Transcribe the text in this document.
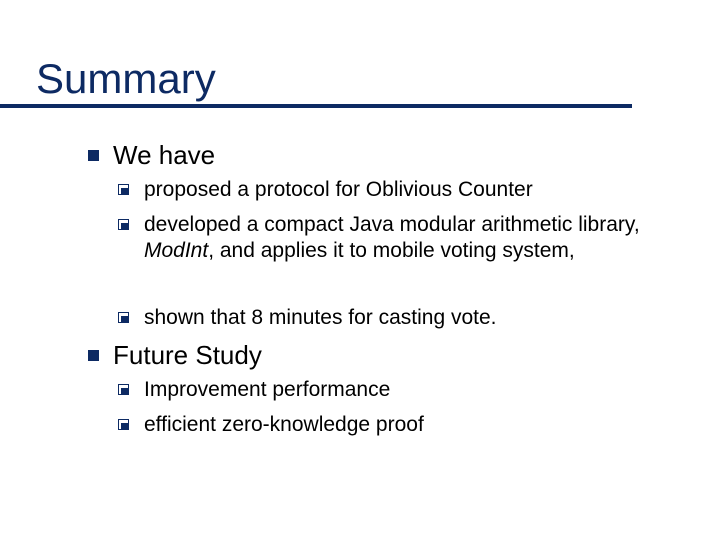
Summary
We have
proposed a protocol for Oblivious Counter
developed a compact Java modular arithmetic library, ModInt, and applies it to mobile voting system,
shown that 8 minutes for casting vote.
Future Study
Improvement performance
efficient zero-knowledge proof
